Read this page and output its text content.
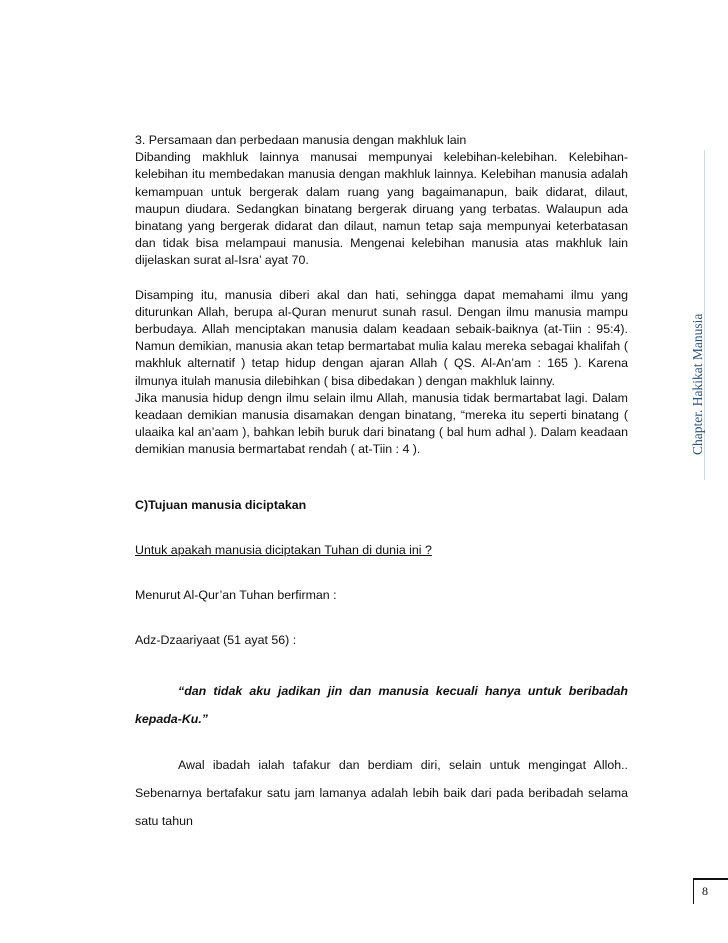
3. Persamaan dan perbedaan manusia dengan makhluk lain

Dibanding makhluk lainnya manusai mempunyai kelebihan-kelebihan. Kelebihan-kelebihan itu membedakan manusia dengan makhluk lainnya. Kelebihan manusia adalah kemampuan untuk bergerak dalam ruang yang bagaimanapun, baik didarat, dilaut, maupun diudara. Sedangkan binatang bergerak diruang yang terbatas. Walaupun ada binatang yang bergerak didarat dan dilaut, namun tetap saja mempunyai keterbatasan dan tidak bisa melampaui manusia. Mengenai kelebihan manusia atas makhluk lain dijelaskan surat al-Isra’ ayat 70.

Disamping itu, manusia diberi akal dan hati, sehingga dapat memahami ilmu yang diturunkan Allah, berupa al-Quran menurut sunah rasul. Dengan ilmu manusia mampu berbudaya. Allah menciptakan manusia dalam keadaan sebaik-baiknya (at-Tiin : 95:4). Namun demikian, manusia akan tetap bermartabat mulia kalau mereka sebagai khalifah ( makhluk alternatif ) tetap hidup dengan ajaran Allah ( QS. Al-An’am : 165 ). Karena ilmunya itulah manusia dilebihkan ( bisa dibedakan ) dengan makhluk lainny.

Jika manusia hidup dengn ilmu selain ilmu Allah, manusia tidak bermartabat lagi. Dalam keadaan demikian manusia disamakan dengan binatang, “mereka itu seperti binatang ( ulaaika kal an’aam ), bahkan lebih buruk dari binatang ( bal hum adhal ). Dalam keadaan demikian manusia bermartabat rendah ( at-Tiin : 4 ).

C)Tujuan manusia diciptakan

Untuk apakah manusia diciptakan Tuhan di dunia ini ?

Menurut Al-Qur’an Tuhan berfirman :

Adz-Dzaariyaat (51 ayat 56) :

“dan tidak aku jadikan jin dan manusia kecuali hanya untuk beribadah kepada-Ku.”

Awal ibadah ialah tafakur dan berdiam diri, selain untuk mengingat Alloh.. Sebenarnya bertafakur satu jam lamanya adalah lebih baik dari pada beribadah selama satu tahun

Chapter. Hakikat Manusia
8
